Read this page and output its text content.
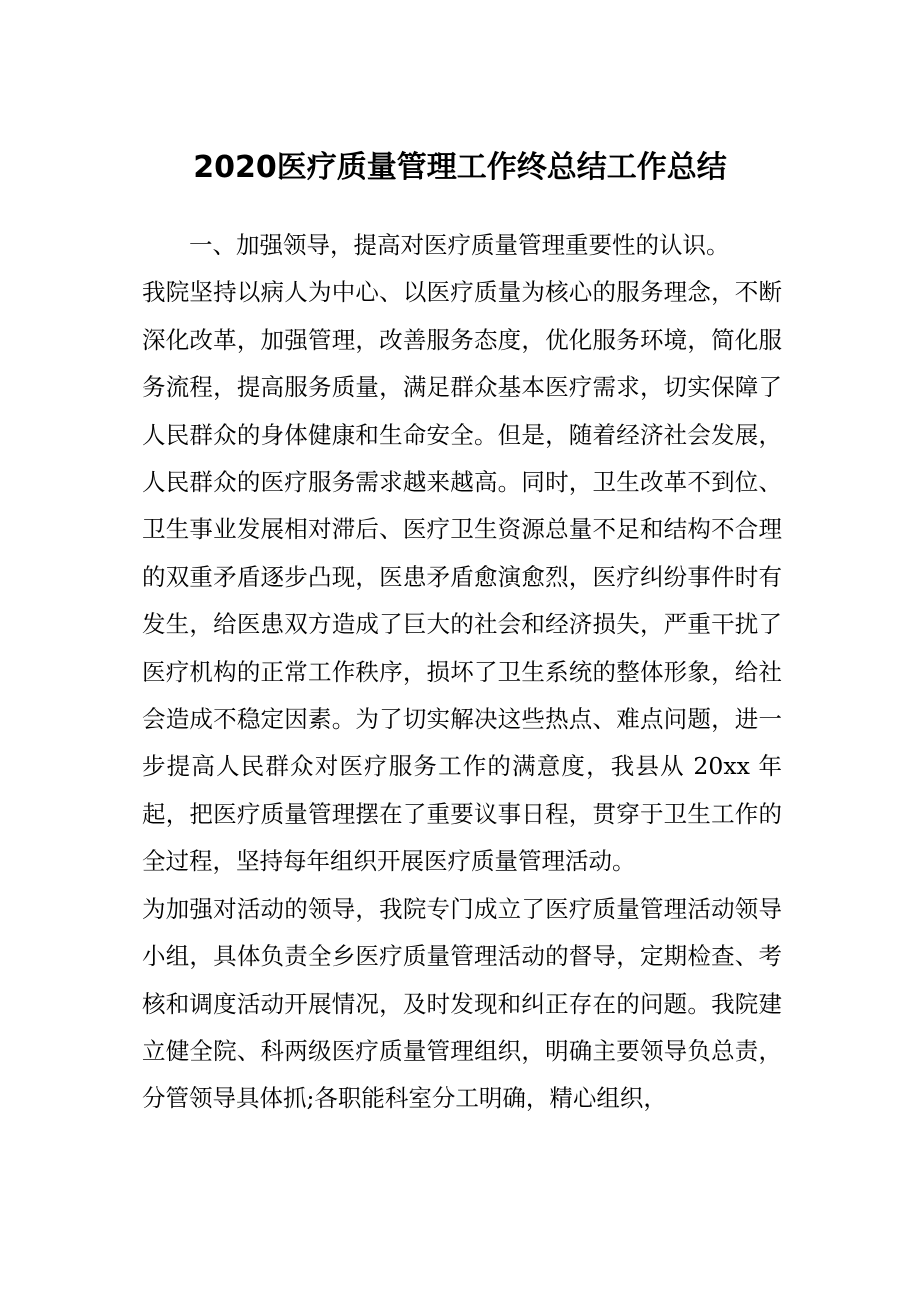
2020医疗质量管理工作终总结工作总结

一、加强领导，提高对医疗质量管理重要性的认识。

我院坚持以病人为中心、以医疗质量为核心的服务理念，不断深化改革，加强管理，改善服务态度，优化服务环境，简化服务流程，提高服务质量，满足群众基本医疗需求，切实保障了人民群众的身体健康和生命安全。但是，随着经济社会发展，人民群众的医疗服务需求越来越高。同时，卫生改革不到位、卫生事业发展相对滞后、医疗卫生资源总量不足和结构不合理的双重矛盾逐步凸现，医患矛盾愈演愈烈，医疗纠纷事件时有发生，给医患双方造成了巨大的社会和经济损失，严重干扰了医疗机构的正常工作秩序，损坏了卫生系统的整体形象，给社会造成不稳定因素。为了切实解决这些热点、难点问题，进一步提高人民群众对医疗服务工作的满意度，我县从 20xx 年起，把医疗质量管理摆在了重要议事日程，贯穿于卫生工作的全过程，坚持每年组织开展医疗质量管理活动。

为加强对活动的领导，我院专门成立了医疗质量管理活动领导小组，具体负责全乡医疗质量管理活动的督导，定期检查、考核和调度活动开展情况，及时发现和纠正存在的问题。我院建立健全院、科两级医疗质量管理组织，明确主要领导负总责，分管领导具体抓;各职能科室分工明确，精心组织，
